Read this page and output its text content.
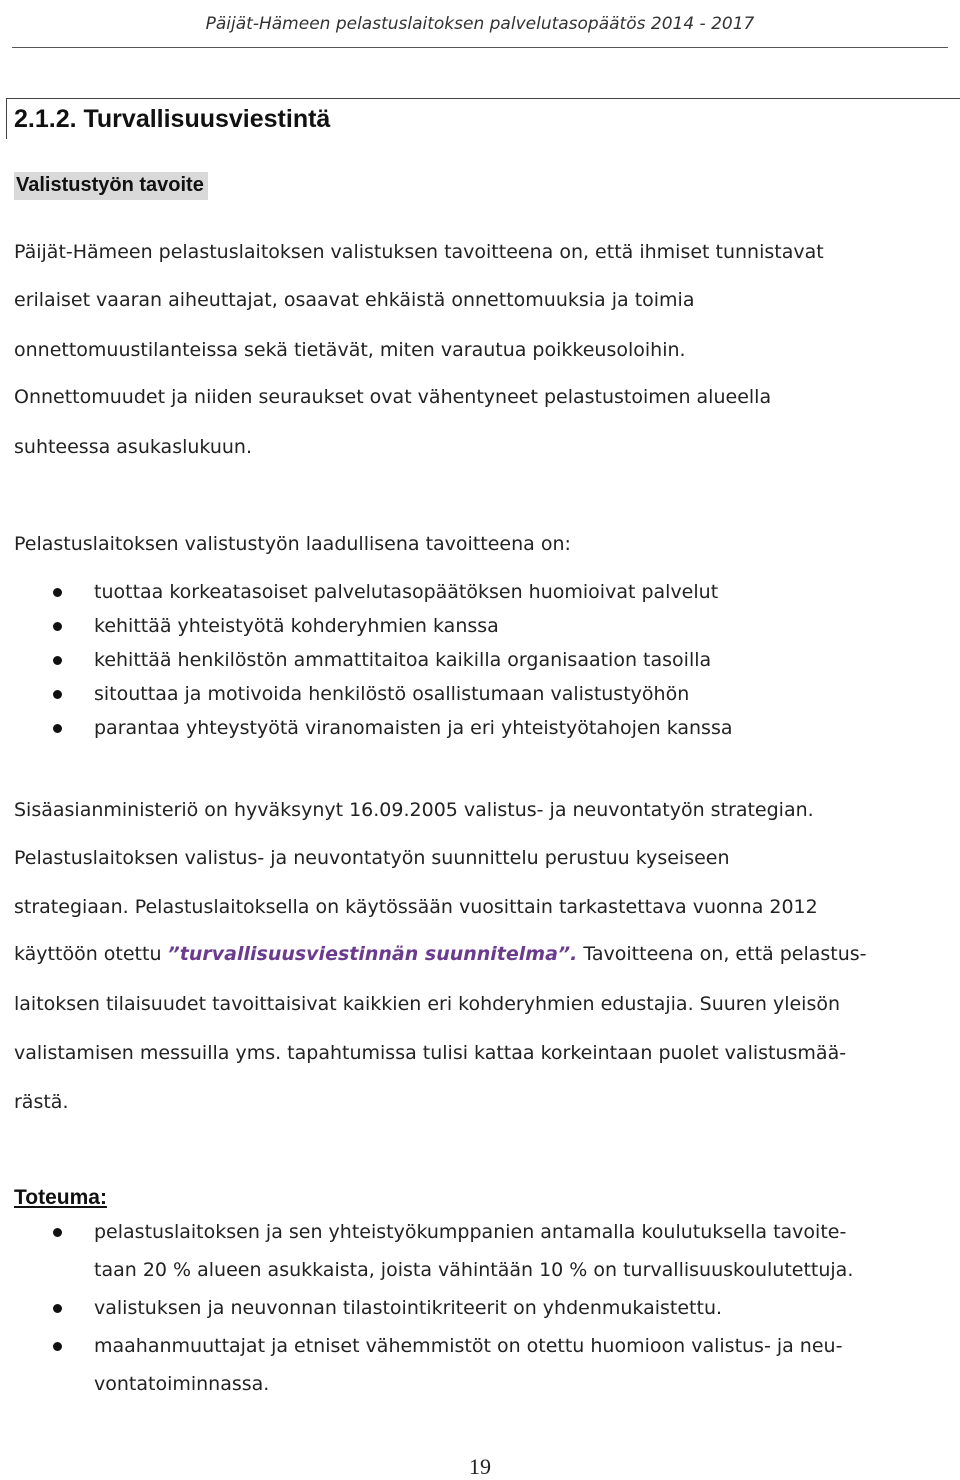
Päijät-Hämeen pelastuslaitoksen palvelutasopäätös 2014 - 2017
2.1.2. Turvallisuusviestintä
Valistustyön tavoite
Päijät-Hämeen pelastuslaitoksen valistuksen tavoitteena on, että ihmiset tunnistavat
erilaiset vaaran aiheuttajat, osaavat ehkäistä onnettomuuksia ja toimia
onnettomuustilanteissa sekä tietävät, miten varautua poikkeusoloihin.
Onnettomuudet ja niiden seuraukset ovat vähentyneet pelastustoimen alueella
suhteessa asukaslukuun.
Pelastuslaitoksen valistustyön laadullisena tavoitteena on:
tuottaa korkeatasoiset palvelutasopäätöksen huomioivat palvelut
kehittää yhteistyötä kohderyhmien kanssa
kehittää henkilöstön ammattitaitoa kaikilla organisaation tasoilla
sitouttaa ja motivoida henkilöstö osallistumaan valistustyöhön
parantaa yhteystyötä viranomaisten ja eri yhteistyötahojen kanssa
Sisäasianministeriö on hyväksynyt 16.09.2005 valistus- ja neuvontatyön strategian.
Pelastuslaitoksen valistus- ja neuvontatyön suunnittelu perustuu kyseiseen
strategiaan. Pelastuslaitoksella on käytössään vuosittain tarkastettava vuonna 2012
käyttöön otettu ”turvallisuusviestinnän suunnitelma”. Tavoitteena on, että pelastus-
laitoksen tilaisuudet tavoittaisivat kaikkien eri kohderyhmien edustajia. Suuren yleisön
valistamisen messuilla yms. tapahtumissa tulisi kattaa korkeintaan puolet valistusmää-
rästä.
Toteuma:
pelastuslaitoksen ja sen yhteistyökumppanien antamalla koulutuksella tavoite-
taan 20 % alueen asukkaista, joista vähintään 10 % on turvallisuuskoulutettuja.
valistuksen ja neuvonnan tilastointikriteerit on yhdenmukaistettu.
maahanmuuttajat ja etniset vähemmistöt on otettu huomioon valistus- ja neu-
vontatoiminnassa.
19
